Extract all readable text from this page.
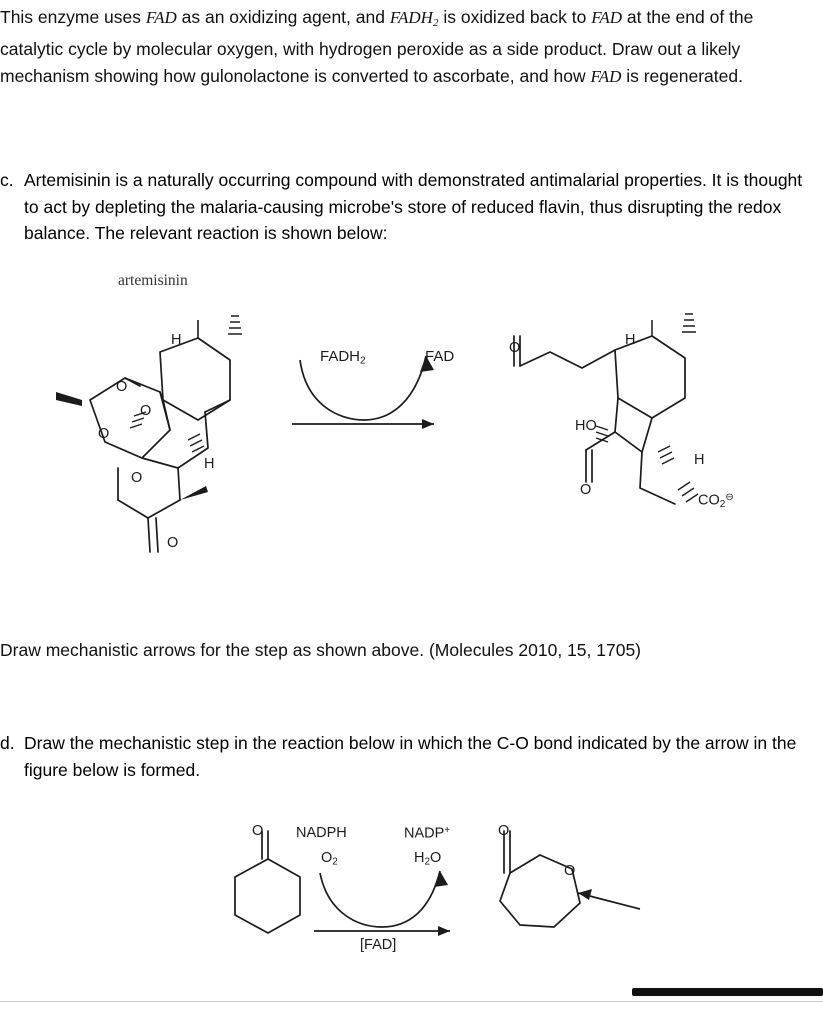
This enzyme uses FAD as an oxidizing agent, and $FADH_2$ is oxidized back to FAD at the end of the catalytic cycle by molecular oxygen, with hydrogen peroxide as a side product. Draw out a likely mechanism showing how gulonolactone is converted to ascorbate, and how FAD is regenerated.
c. Artemisinin is a naturally occurring compound with demonstrated antimalarial properties. It is thought to act by depleting the malaria-causing microbe's store of reduced flavin, thus disrupting the redox balance. The relevant reaction is shown below:
H
O
O
O
O
O
H
FADH2	FAD
H
HO
O
O
H
CO2⊖
artemisinin
Draw mechanistic arrows for the step as shown above. (Molecules 2010, 15, 1705)
d. Draw the mechanistic step in the reaction below in which the C-O bond indicated by the arrow in the figure below is formed.
O	O
O
NADPH
O2
NADP+
H2O
[FAD]
